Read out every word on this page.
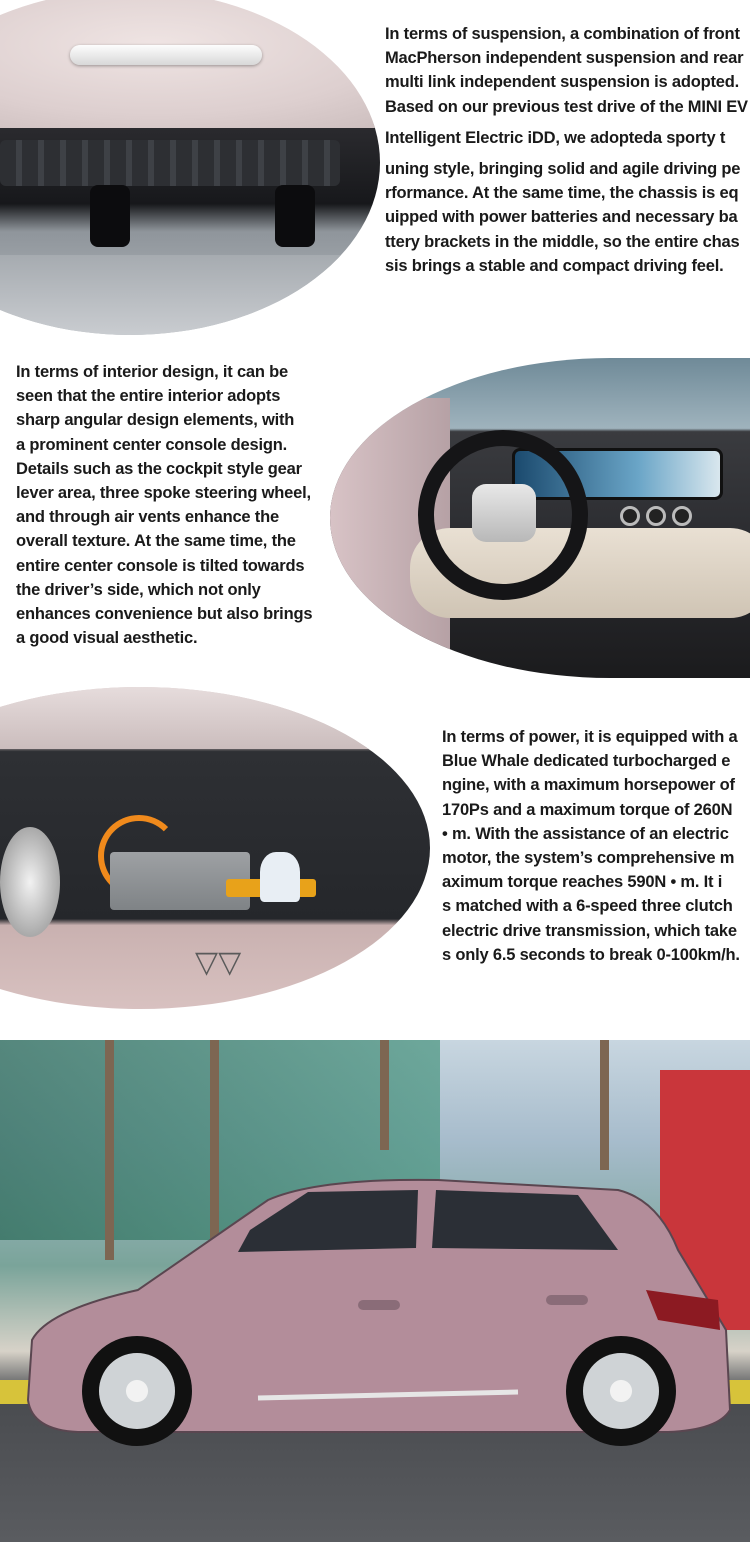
In terms of suspension, a combination of front
MacPherson independent suspension and rear
multi link independent suspension is adopted.
Based on our previous test drive of the MINI EV
Intelligent Electric iDD, we adopteda sporty t
uning style, bringing solid and agile driving pe
rformance. At the same time, the chassis is eq
uipped with power batteries and necessary ba
ttery brackets in the middle, so the entire chas
sis brings a stable and compact driving feel.

In terms of interior design, it can be
seen that the entire interior adopts
sharp angular design elements, with
a prominent center console design.
Details such as the cockpit style gear
lever area, three spoke steering wheel,
and through air vents enhance the
overall texture. At the same time, the
entire center console is tilted towards
the driver’s side, which not only
enhances convenience but also brings
a good visual aesthetic.

▽▽

In terms of power, it is equipped with a
Blue Whale dedicated turbocharged e
ngine, with a maximum horsepower of
170Ps and a maximum torque of 260N
• m. With the assistance of an electric
motor, the system’s comprehensive m
aximum torque reaches 590N • m. It i
s matched with a 6-speed three clutch
electric drive transmission, which take
s only 6.5 seconds to break 0-100km/h.
